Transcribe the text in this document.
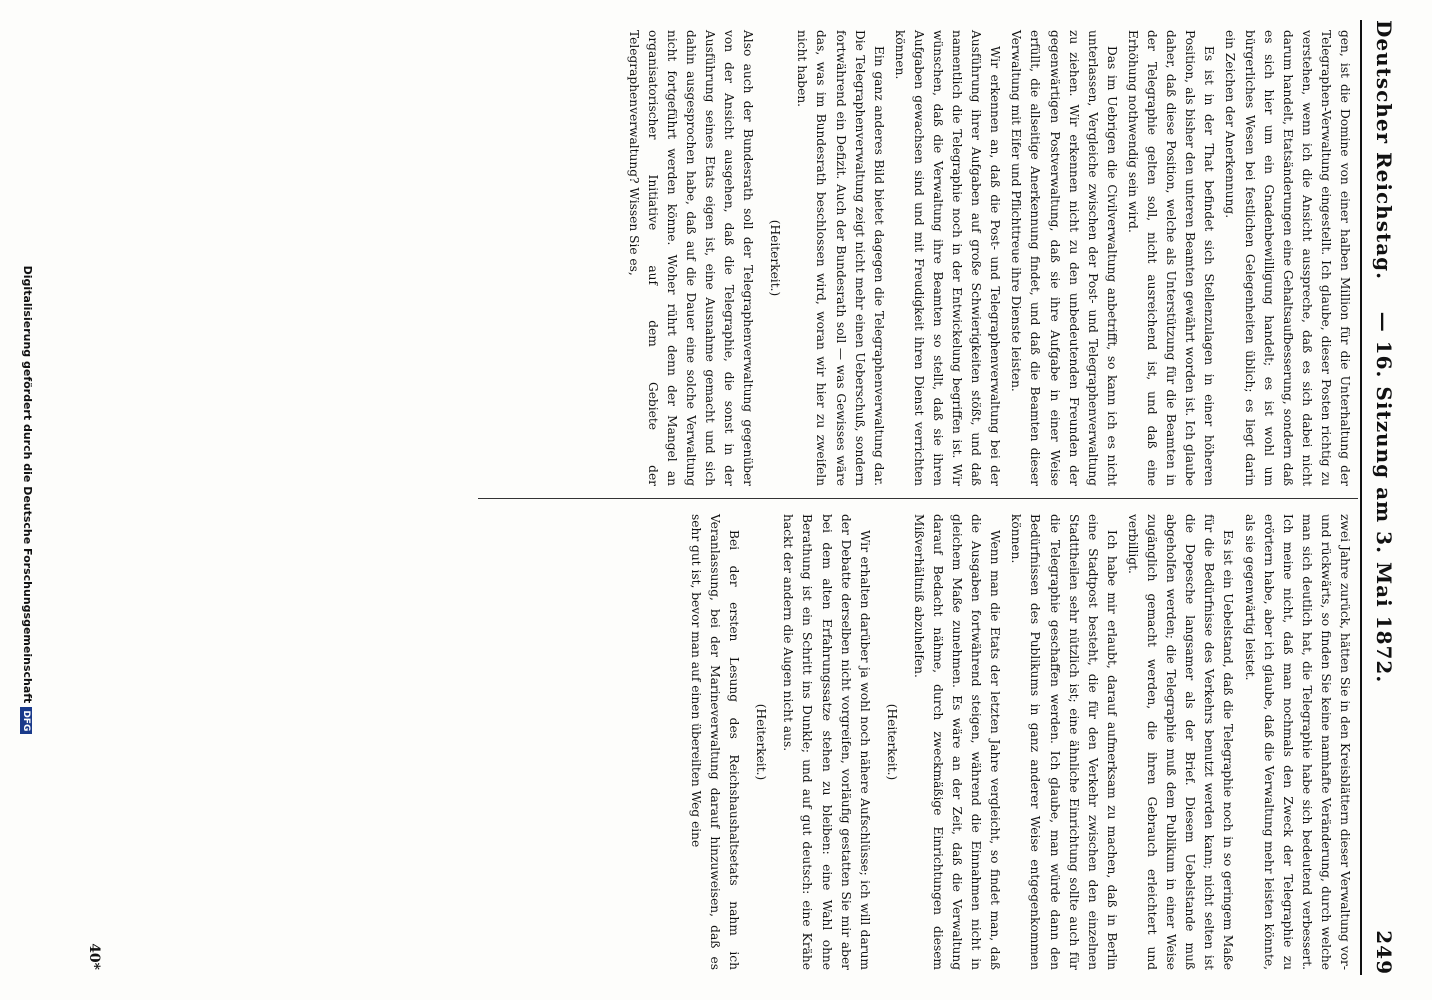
Deutscher Reichstag.
— 16. Sitzung am 3. Mai 1872.
249

gen, ist die Domine von einer halben Million für die Unterhaltung der Telegraphen-Verwaltung eingestellt. Ich glaube, dieser Posten richtig zu verstehen, wenn ich die Ansicht ausspreche, daß es sich dabei nicht darum handelt, Etatsänderungen eine Gehaltsaufbesserung, sondern daß es sich hier um ein Gnadenbewilligung handelt; es ist wohl um bürgerliches Wesen bei festlichen Gelegenheiten üblich; es liegt darin ein Zeichen der Anerkennung.

Es ist in der That befindet sich Stellenzulagen in einer höheren Position, als bisher den unteren Beamten gewährt worden ist. Ich glaube daher, daß diese Position, welche als Unterstützung für die Beamten in der Telegraphie gelten soll, nicht ausreichend ist, und daß eine Erhöhung nothwendig sein wird.

Das im Uebrigen die Civilverwaltung anbetrifft, so kann ich es nicht unterlassen, Vergleiche zwischen der Post- und Telegraphenverwaltung zu ziehen. Wir erkennen nicht zu den unbedeutenden Freunden der gegenwärtigen Postverwaltung, daß sie ihre Aufgabe in einer Weise erfüllt, die allseitige Anerkennung findet, und daß die Beamten dieser Verwaltung mit Eifer und Pflichttreue ihre Dienste leisten.

Wir erkennen an, daß die Post- und Telegraphenverwaltung bei der Ausführung ihrer Aufgaben auf große Schwierigkeiten stößt, und daß namentlich die Telegraphie noch in der Entwickelung begriffen ist. Wir wünschen, daß die Verwaltung ihre Beamten so stellt, daß sie ihren Aufgaben gewachsen sind und mit Freudigkeit ihren Dienst verrichten können.

Ein ganz anderes Bild bietet dagegen die Telegraphenverwaltung dar. Die Telegraphenverwaltung zeigt nicht mehr einen Ueberschuß, sondern fortwährend ein Defizit. Auch der Bundesrath soll — was Gewisses wäre das, was im Bundesrath beschlossen wird, woran wir hier zu zweifeln nicht haben.

(Heiterkeit.)

Also auch der Bundesrath soll der Telegraphenverwaltung gegenüber von der Ansicht ausgehen, daß die Telegraphie, die sonst in der Ausführung seines Etats eigen ist, eine Ausnahme gemacht und sich dahin ausgesprochen habe, daß auf die Dauer eine solche Verwaltung nicht fortgeführt werden könne. Woher rührt denn der Mangel an organisatorischer Initiative auf dem Gebiete der Telegraphenverwaltung? Wissen Sie es,

zwei Jahre zurück, hätten Sie in den Kreisblättern dieser Verwaltung vor- und rückwärts, so finden Sie keine namhafte Veränderung, durch welche man sich deutlich hat, die Telegraphie habe sich bedeutend verbessert. Ich meine nicht, daß man nochmals den Zweck der Telegraphie zu erörtern habe, aber ich glaube, daß die Verwaltung mehr leisten könnte, als sie gegenwärtig leistet.

Es ist ein Uebelstand, daß die Telegraphie noch in so geringem Maße für die Bedürfnisse des Verkehrs benutzt werden kann; nicht selten ist die Depesche langsamer als der Brief. Diesem Uebelstande muß abgeholfen werden; die Telegraphie muß dem Publikum in einer Weise zugänglich gemacht werden, die ihren Gebrauch erleichtert und verbilligt.

Ich habe mir erlaubt, darauf aufmerksam zu machen, daß in Berlin eine Stadtpost besteht, die für den Verkehr zwischen den einzelnen Stadttheilen sehr nützlich ist; eine ähnliche Einrichtung sollte auch für die Telegraphie geschaffen werden. Ich glaube, man würde dann den Bedürfnissen des Publikums in ganz anderer Weise entgegenkommen können.

Wenn man die Etats der letzten Jahre vergleicht, so findet man, daß die Ausgaben fortwährend steigen, während die Einnahmen nicht in gleichem Maße zunehmen. Es wäre an der Zeit, daß die Verwaltung darauf Bedacht nähme, durch zweckmäßige Einrichtungen diesem Mißverhältniß abzuhelfen.

(Heiterkeit.)

Wir erhalten darüber ja wohl noch nähere Aufschlüsse; ich will darum der Debatte derselben nicht vorgreifen, vorläufig gestatten Sie mir aber bei dem alten Erfahrungssatze stehen zu bleiben: eine Wahl ohne Berathung ist ein Schritt ins Dunkle; und auf gut deutsch: eine Krähe hackt der andern die Augen nicht aus.

(Heiterkeit.)

Bei der ersten Lesung des Reichshaushaltsetats nahm ich Veranlassung, bei der Marineverwaltung darauf hinzuweisen, daß es sehr gut ist, bevor man auf einen übereilten Weg eine

40*
Digitalisierung gefördert durch die Deutsche ForschungsgemeinschaftDFG
